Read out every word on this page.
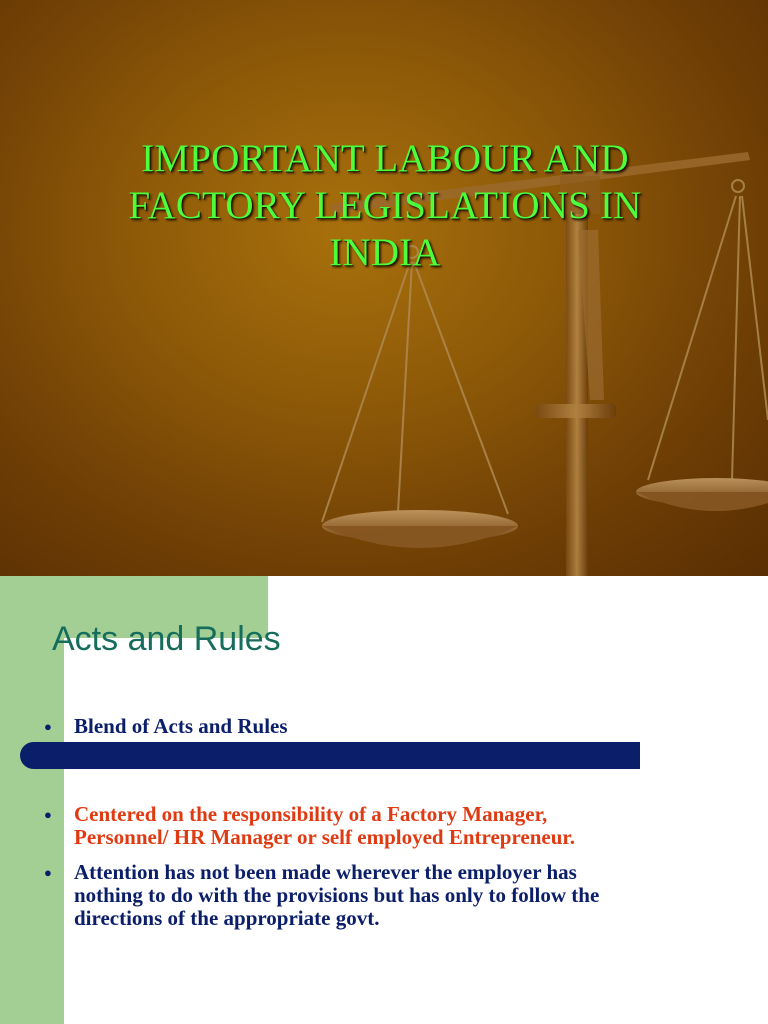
IMPORTANT LABOUR AND
FACTORY LEGISLATIONS IN
INDIA
Acts and Rules
●	Blend of Acts and Rules
●	Centered on the responsibility of a Factory Manager,
Personnel/ HR Manager or self employed Entrepreneur.
●	Attention has not been made wherever the employer has
nothing to do with the provisions but has only to follow the
directions of the appropriate govt.
